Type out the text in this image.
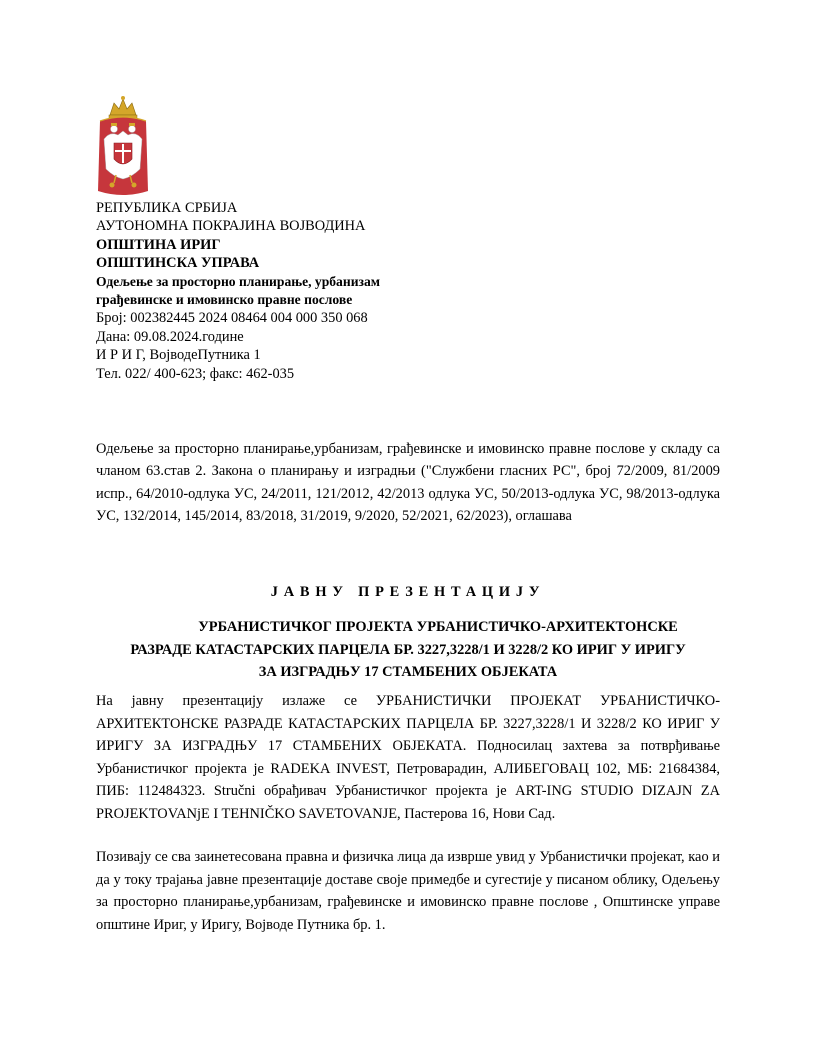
РЕПУБЛИКА СРБИЈА
АУТОНОМНА ПОКРАЈИНА ВОЈВОДИНА
ОПШТИНА ИРИГ
ОПШТИНСКА УПРАВА
Одељење за просторно планирање, урбанизам
грађевинске и имовинско правне послове
Број: 002382445 2024 08464 004 000 350 068
Дана: 09.08.2024.године
И Р И Г, ВојводеПутника 1
Тел. 022/ 400-623; факс: 462-035
Одељење за просторно планирање,урбанизам, грађевинске и имовинско правне послове у складу са чланом 63.став 2. Закона о планирању и изградњи ("Службени гласних РС", број 72/2009, 81/2009 испр., 64/2010-одлука УС, 24/2011, 121/2012, 42/2013 одлука УС, 50/2013-одлука УС, 98/2013-одлука УС, 132/2014, 145/2014, 83/2018, 31/2019, 9/2020, 52/2021, 62/2023), оглашава
ЈАВНУ ПРЕЗЕНТАЦИЈУ
УРБАНИСТИЧКОГ ПРОЈЕКТА УРБАНИСТИЧКО-АРХИТЕКТОНСКЕ
РАЗРАДЕ КАТАСТАРСКИХ ПАРЦЕЛА БР. 3227,3228/1 И 3228/2 КО ИРИГ У ИРИГУ
ЗА ИЗГРАДЊУ 17 СТАМБЕНИХ ОБЈЕКАТА
На јавну презентацију излаже се УРБАНИСТИЧКИ ПРОЈЕКАТ УРБАНИСТИЧКО-АРХИТЕКТОНСКЕ РАЗРАДЕ КАТАСТАРСКИХ ПАРЦЕЛА БР. 3227,3228/1 И 3228/2 КО ИРИГ У ИРИГУ ЗА ИЗГРАДЊУ 17 СТАМБЕНИХ ОБЈЕКАТА. Подносилац захтева за потврђивање Урбанистичког пројекта је RADEKA INVEST, Петроварадин, АЛИБЕГОВАЦ 102, МБ: 21684384, ПИБ: 112484323. Stručni обрађивач Урбанистичког пројекта је ART-ING STUDIO DIZAJN ZA PROJEKTOVANjE I TEHNIČKO SAVETOVANJE, Пастерова 16, Нови Сад.
Позивају се сва заинетесована правна и физичка лица да изврше увид у Урбанистички пројекат, као и да у току трајања јавне презентације доставе своје примедбе и сугестије у писаном облику, Одељењу за просторно планирање,урбанизам, грађевинске и имовинско правне послове , Општинске управе општине Ириг, у Иригу, Војводе Путника бр. 1.
